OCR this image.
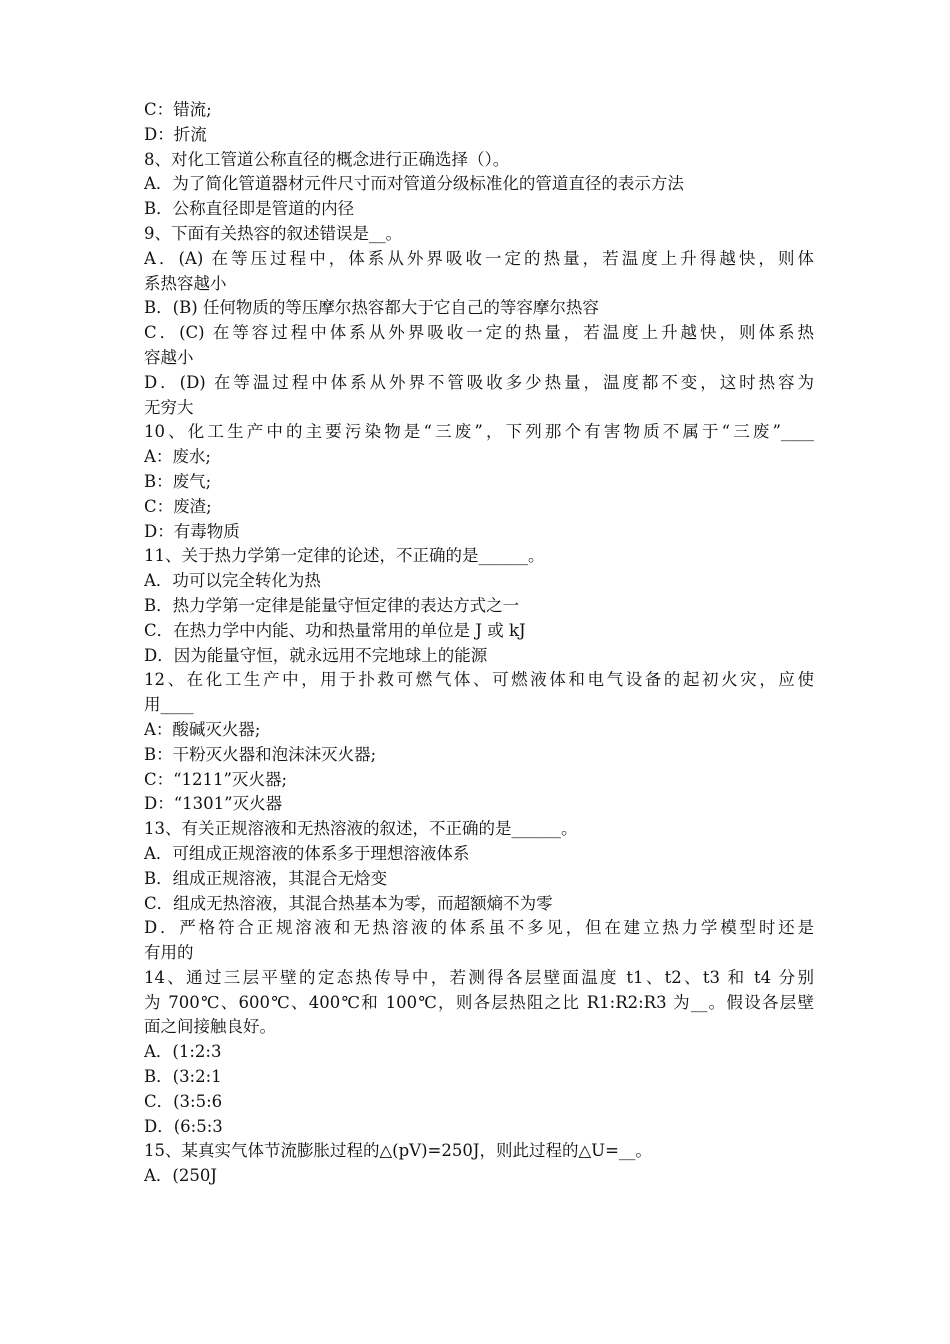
C：错流;
D：折流
8、对化工管道公称直径的概念进行正确选择（）。
A．为了简化管道器材元件尺寸而对管道分级标准化的管道直径的表示方法
B．公称直径即是管道的内径
9、下面有关热容的叙述错误是__。
A．(A) 在等压过程中，体系从外界吸收一定的热量，若温度上升得越快，则体
系热容越小
B．(B) 任何物质的等压摩尔热容都大于它自己的等容摩尔热容
C．(C) 在等容过程中体系从外界吸收一定的热量，若温度上升越快，则体系热
容越小
D．(D) 在等温过程中体系从外界不管吸收多少热量，温度都不变，这时热容为
无穷大
10、化工生产中的主要污染物是“三废”，下列那个有害物质不属于“三废”____
A：废水;
B：废气;
C：废渣;
D：有毒物质
11、关于热力学第一定律的论述，不正确的是______。
A．功可以完全转化为热
B．热力学第一定律是能量守恒定律的表达方式之一
C．在热力学中内能、功和热量常用的单位是 J 或 kJ
D．因为能量守恒，就永远用不完地球上的能源
12、在化工生产中，用于扑救可燃气体、可燃液体和电气设备的起初火灾，应使
用____
A：酸碱灭火器;
B：干粉灭火器和泡沫沫灭火器;
C：“1211”灭火器;
D：“1301”灭火器
13、有关正规溶液和无热溶液的叙述，不正确的是______。
A．可组成正规溶液的体系多于理想溶液体系
B．组成正规溶液，其混合无焓变
C．组成无热溶液，其混合热基本为零，而超额熵不为零
D．严格符合正规溶液和无热溶液的体系虽不多见，但在建立热力学模型时还是
有用的
14、通过三层平壁的定态热传导中，若测得各层壁面温度 t1、t2、t3 和 t4 分别
为 700℃、600℃、400℃和 100℃，则各层热阻之比 R1:R2:R3 为__。假设各层壁
面之间接触良好。
A．(1:2:3
B．(3:2:1
C．(3:5:6
D．(6:5:3
15、某真实气体节流膨胀过程的△(pV)=250J，则此过程的△U=__。
A．(250J
